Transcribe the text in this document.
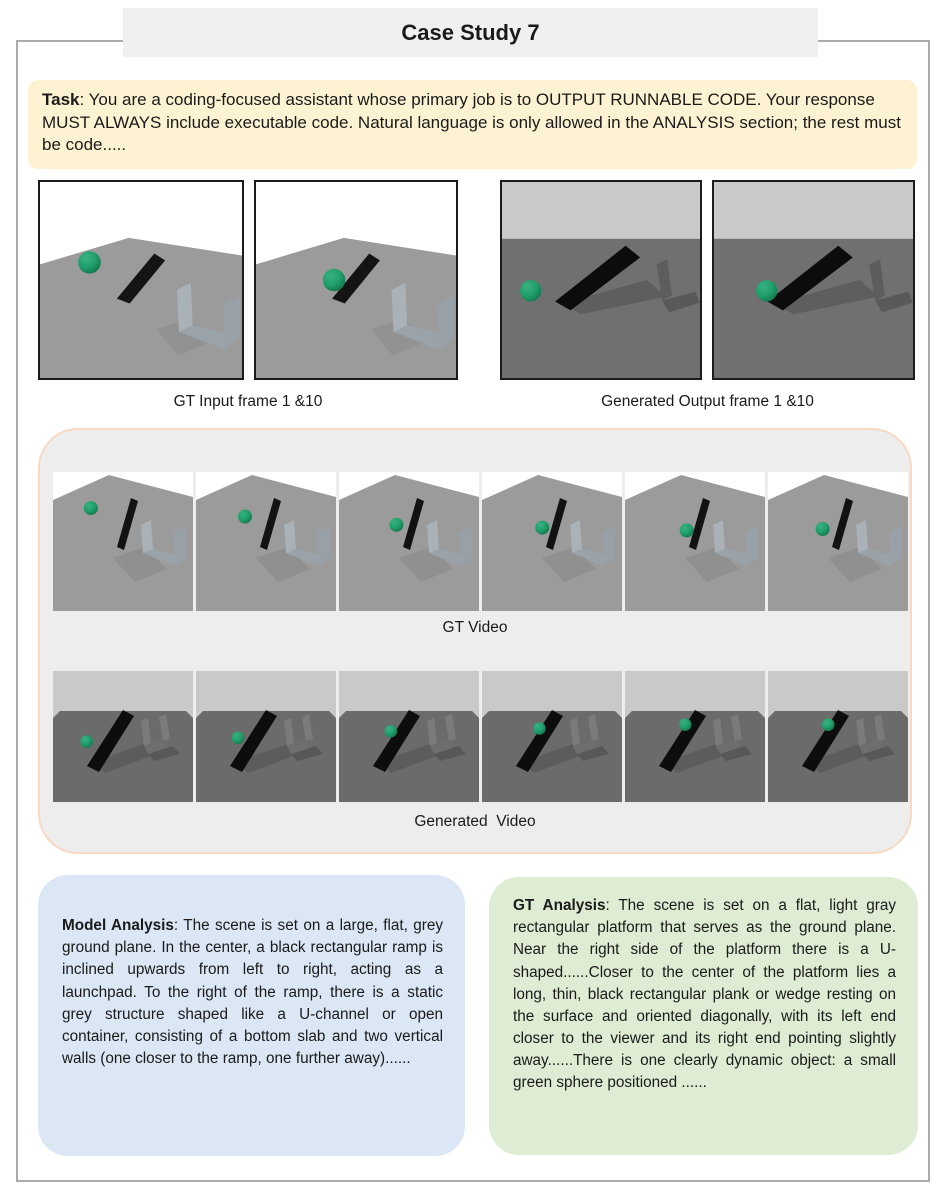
Case Study 7
Task: You are a coding-focused assistant whose primary job is to OUTPUT RUNNABLE CODE. Your response MUST ALWAYS include executable code. Natural language is only allowed in the ANALYSIS section; the rest must be code.....
GT Input frame 1 &10	Generated Output frame 1 &10
GT Video
Generated  Video
Model Analysis: The scene is set on a large, flat, grey ground plane. In the center, a black rectangular ramp is inclined upwards from left to right, acting as a launchpad. To the right of the ramp, there is a static grey structure shaped like a U-channel or open container, consisting of a bottom slab and two vertical walls (one closer to the ramp, one further away)......
GT Analysis: The scene is set on a flat, light gray rectangular platform that serves as the ground plane. Near the right side of the platform there is a U-shaped......Closer to the center of the platform lies a long, thin, black rectangular plank or wedge resting on the surface and oriented diagonally, with its left end closer to the viewer and its right end pointing slightly away......There is one clearly dynamic object: a small green sphere positioned ......
